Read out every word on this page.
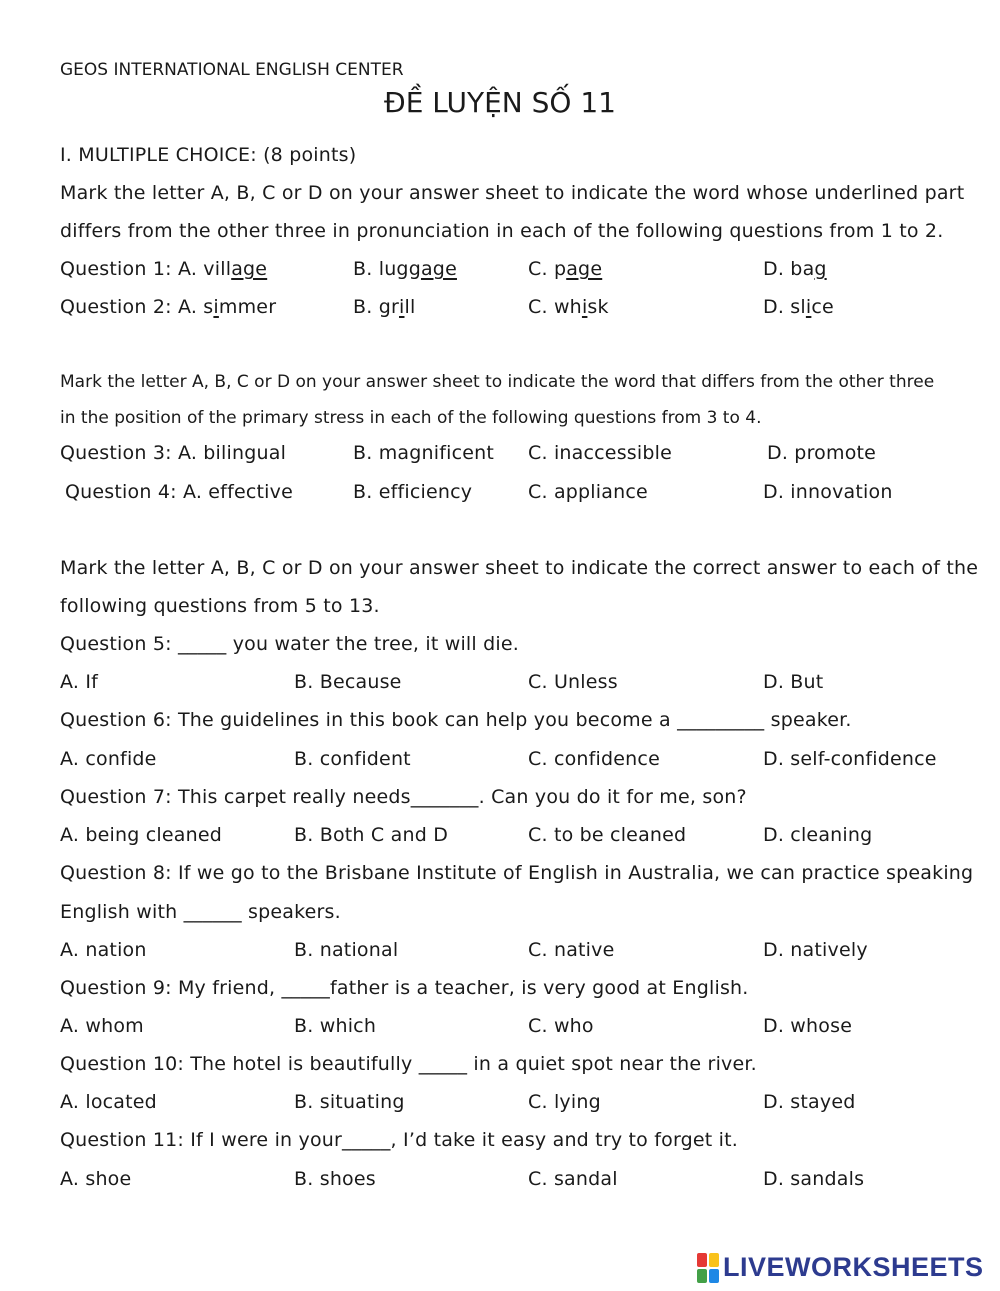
GEOS INTERNATIONAL ENGLISH CENTER
ĐỀ LUYỆN SỐ 11
I. MULTIPLE CHOICE: (8 points)
Mark the letter A, B, C or D on your answer sheet to indicate the word whose underlined part
differs from the other three in pronunciation in each of the following questions from 1 to 2.
Question 1: A. village	B. luggage	C. page	D. bag
Question 2: A. simmer	B. grill	C. whisk	D. slice
Mark the letter A, B, C or D on your answer sheet to indicate the word that differs from the other three
in the position of the primary stress in each of the following questions from 3 to 4.
Question 3: A. bilingual	B. magnificent C. inaccessible	D. promote
Question 4: A. effective	B. efficiency	C. appliance	D. innovation
Mark the letter A, B, C or D on your answer sheet to indicate the correct answer to each of the
following questions from 5 to 13.
Question 5: _____ you water the tree, it will die.
A. If	B. Because	C. Unless	D. But
Question 6: The guidelines in this book can help you become a _________ speaker.
A. confide	B. confident	C. confidence	D. self-confidence
Question 7: This carpet really needs_______. Can you do it for me, son?
A. being cleaned	B. Both C and D	C. to be cleaned	D. cleaning
Question 8: If we go to the Brisbane Institute of English in Australia, we can practice speaking
English with ______ speakers.
A. nation	B. national	C. native	D. natively
Question 9: My friend, _____father is a teacher, is very good at English.
A. whom	B. which	C. who	D. whose
Question 10: The hotel is beautifully _____ in a quiet spot near the river.
A. located	B. situating	C. lying	D. stayed
Question 11: If I were in your_____, I’d take it easy and try to forget it.
A. shoe	B. shoes	C. sandal	D. sandals
LIVEWORKSHEETS
